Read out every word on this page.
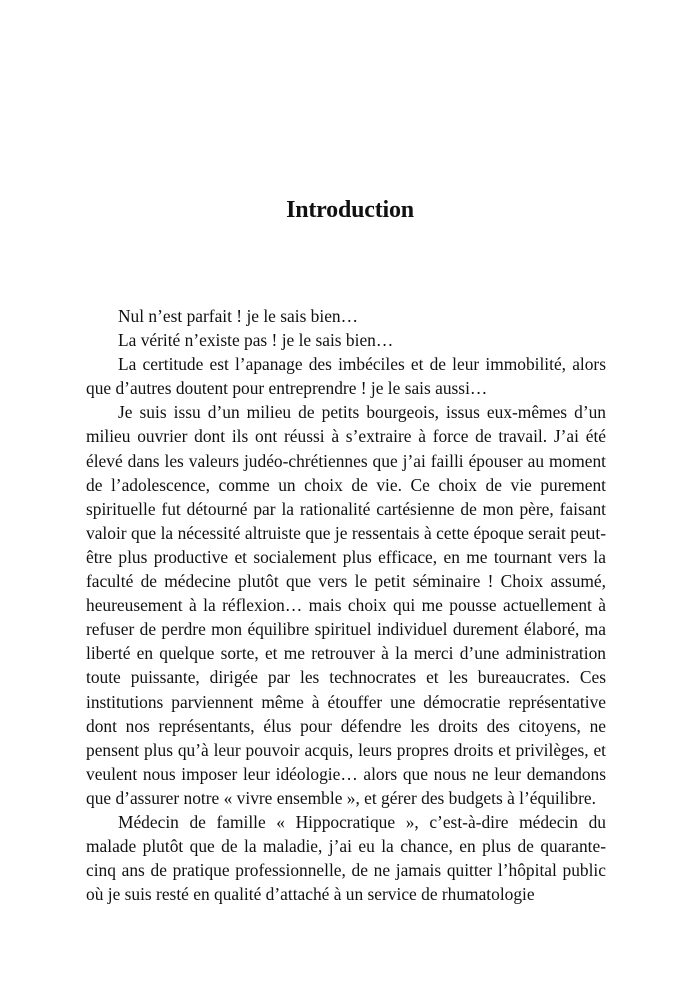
Introduction

Nul n’est parfait ! je le sais bien…

La vérité n’existe pas ! je le sais bien…

La certitude est l’apanage des imbéciles et de leur immobilité, alors que d’autres doutent pour entreprendre ! je le sais aussi…

Je suis issu d’un milieu de petits bourgeois, issus eux-mêmes d’un milieu ouvrier dont ils ont réussi à s’extraire à force de travail. J’ai été élevé dans les valeurs judéo-chrétiennes que j’ai failli épouser au moment de l’adolescence, comme un choix de vie. Ce choix de vie purement spirituelle fut détourné par la rationalité cartésienne de mon père, faisant valoir que la nécessité altruiste que je ressentais à cette époque serait peut-être plus productive et socialement plus efficace, en me tournant vers la faculté de médecine plutôt que vers le petit séminaire ! Choix assumé, heureusement à la réflexion… mais choix qui me pousse actuellement à refuser de perdre mon équilibre spirituel individuel durement élaboré, ma liberté en quelque sorte, et me retrouver à la merci d’une administration toute puissante, dirigée par les technocrates et les bureaucrates. Ces institutions parviennent même à étouffer une démocratie représentative dont nos représentants, élus pour défendre les droits des citoyens, ne pensent plus qu’à leur pouvoir acquis, leurs propres droits et privilèges, et veulent nous imposer leur idéologie… alors que nous ne leur demandons que d’assurer notre « vivre ensemble », et gérer des budgets à l’équilibre.

Médecin de famille « Hippocratique », c’est-à-dire médecin du malade plutôt que de la maladie, j’ai eu la chance, en plus de quarante-cinq ans de pratique professionnelle, de ne jamais quitter l’hôpital public où je suis resté en qualité d’attaché à un service de rhumatologie
